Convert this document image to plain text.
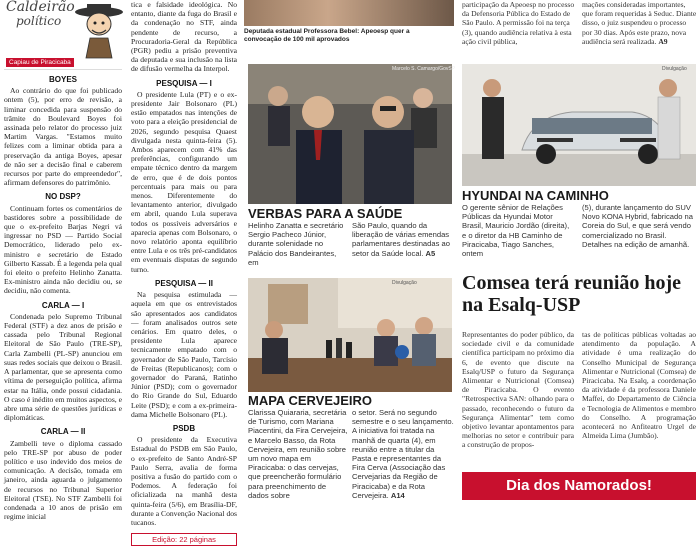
Caldeirão
político
Capiau de Piracicaba
BOYES

Ao contrário do que foi publicado ontem (5), por erro de revisão, a liminar concedida para suspensão do trâmite do Boulevard Boyes foi assinada pelo relator do processo juiz Martim Vargas. "Estamos muito felizes com a liminar obtida para a preservação da antiga Boyes, apesar de não ser a decisão final e caberem recursos por parte do empreendedor", afirmam defensores do patrimônio.

NO DSP?

Continuam fortes os comentários de bastidores sobre a possibilidade de que o ex-prefeito Barjas Negri vá ingressar no PSD — Partido Social Democrático, liderado pelo ex-ministro e secretário de Estado Gilberto Kassab. É a legenda pela qual foi eleito o prefeito Helinho Zanatta. Ex-ministro ainda não decidiu ou, se decidiu, não comenta.

CARLA — I

Condenada pelo Supremo Tribunal Federal (STF) a dez anos de prisão e cassada pelo Tribunal Regional Eleitoral de São Paulo (TRE-SP), Carla Zambelli (PL-SP) anunciou em suas redes sociais que deixou o Brasil. A parlamentar, que se apresenta como vítima de perseguição política, afirma estar na Itália, onde possui cidadania. O caso é inédito em muitos aspectos, e abre uma série de questões jurídicas e diplomáticas.

CARLA — II

Zambelli teve o diploma cassado pelo TRE-SP por abuso de poder político e uso indevido dos meios de comunicação. A decisão, tomada em janeiro, ainda aguarda o julgamento de recursos no Tribunal Superior Eleitoral (TSE). No STF Zambelli foi condenada a 10 anos de prisão em regime inicial

tica e falsidade ideológica. No entanto, diante da fuga do Brasil e da condenação no STF, ainda pendente de recurso, a Procuradoria-Geral da República (PGR) pediu a prisão preventiva da deputada e sua inclusão na lista de difusão vermelha da Interpol.

PESQUISA — I

O presidente Lula (PT) e o ex-presidente Jair Bolsonaro (PL) estão empatados nas intenções de voto para a eleição presidencial de 2026, segundo pesquisa Quaest divulgada nesta quinta-feira (5). Ambos aparecem com 41% das preferências, configurando um empate técnico dentro da margem de erro, que é de dois pontos percentuais para mais ou para menos. Diferentemente do levantamento anterior, divulgado em abril, quando Lula superava todos os possíveis adversários e aparecia apenas com Bolsonaro, o novo relatório aponta equilíbrio entre Lula e os três pré-candidatos em eventuais disputas de segundo turno.

PESQUISA — II

Na pesquisa estimulada — aquela em que os entrevistados são apresentados aos candidatos — foram analisados outros sete cenários. Em quatro deles, o presidente Lula aparece tecnicamente empatado com o governador de São Paulo, Tarcísio de Freitas (Republicanos); com o governador do Paraná, Ratinho Júnior (PSD); com o governador do Rio Grande do Sul, Eduardo Leite (PSD); e com a ex-primeira-dama Michelle Bolsonaro (PL).

PSDB

O presidente da Executiva Estadual do PSDB em São Paulo, o ex-prefeito de Santo André-SP Paulo Serra, avalia de forma positiva a fusão do partido com o Podemos. A federação foi oficializada na manhã desta quinta-feira (5/6), em Brasília-DF, durante a Convenção Nacional dos tucanos.

Edição: 22 páginas
Deputada estadual Professora Bebel: Apeoesp quer a convocação de 100 mil aprovados
participação da Apeoesp no processo da Defensoria Pública do Estado de São Paulo. A permissão foi na terça (3), quando audiência relativa à esta ação civil pública,
mações consideradas importantes, que foram requeridas à Seduc. Diante disso, o juiz suspendeu o processo por 30 dias. Após este prazo, nova audiência será realizada. A9
Marcelo S. Camargo/GovSP
VERBAS PARA A SAÚDE
Helinho Zanatta e secretário Sergio Pacheco Júnior, durante solenidade no Palácio dos Bandeirantes, em
São Paulo, quando da liberação de várias emendas parlamentares destinadas ao setor da Saúde local. A5
Divulgação
HYUNDAI NA CAMINHO
O gerente sênior de Relações Públicas da Hyundai Motor Brasil, Mauricio Jordão (direita), e o diretor da HB Caminho de Piracicaba, Tiago Sanches, ontem
(5), durante lançamento do SUV Novo KONA Hybrid, fabricado na Coreia do Sul, e que será vendo comercializado no Brasil. Detalhes na edição de amanhã.
Divulgação
MAPA CERVEJEIRO
Clarissa Quiararia, secretária de Turismo, com Mariana Piacentini, da Fira Cervejeira, e Marcelo Basso, da Rota Cervejeira, em reunião sobre um novo mapa em Piracicaba: o das cervejas, que preencherão formulário para preenchimento de dados sobre
o setor. Será no segundo semestre e o seu lançamento. A iniciativa foi tratada na manhã de quarta (4), em reunião entre a titular da Pasta e representantes da Fira Cerva (Associação das Cervejarias da Região de Piracicaba) e da Rota Cervejeira. A14
Comsea terá reunião hoje na Esalq-USP
Representantes do poder público, da sociedade civil e da comunidade científica participam no próximo dia 6, de evento que discute na Esalq/USP o futuro da Segurança Alimentar e Nutricional (Comsea) de Piracicaba. O evento "Retrospectiva SAN: olhando para o passado, reconhecendo o futuro da Segurança Alimentar" tem como objetivo levantar apontamentos para melhorias no setor e contribuir para a construção de propos-
tas de políticas públicas voltadas ao atendimento da população. A atividade é uma realização do Conselho Municipal de Segurança Alimentar e Nutricional (Comsea) de Piracicaba. Na Esalq, a coordenação da atividade é da professora Daniele Maffei, do Departamento de Ciência e Tecnologia de Alimentos e membro do Conselho. A programação acontecerá no Anfiteatro Urgel de Almeida Lima (Jumbão).
Dia dos Namorados!
